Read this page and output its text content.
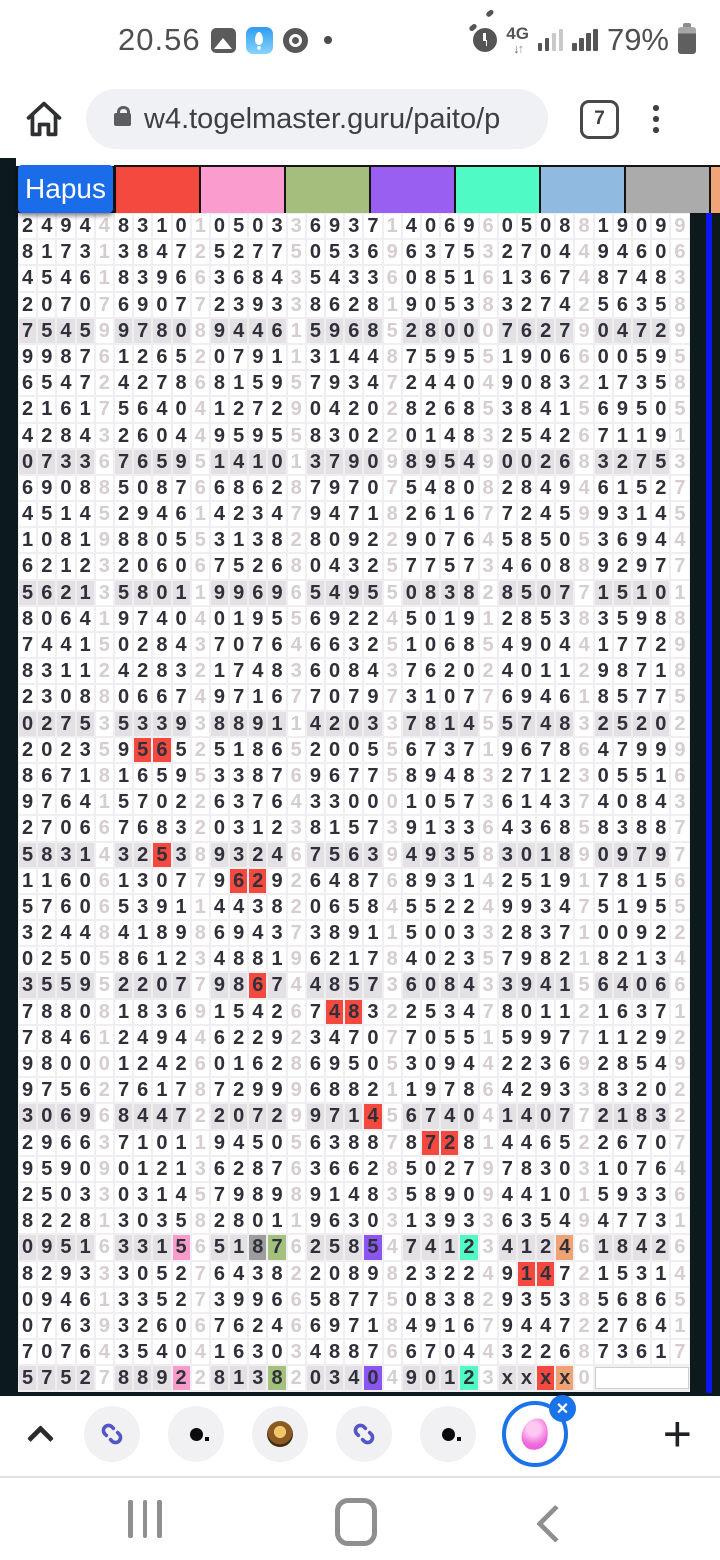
20.56	4G
↓↑	79%
w4.togelmaster.guru/paito/p	7
Hapus
2 4 9 4 4 8 3 1 0 1 0 5 0 3 3 6 9 3 7 1 4 0 6 9 6 0 5 0 8 8 1 9 0 9 9
8 1 7 3 1 3 8 4 7 2 5 2 7 7 5 0 5 3 6 9 6 3 7 5 3 2 7 0 4 4 9 4 6 0 6
4 5 4 6 1 8 3 9 6 6 3 6 8 4 3 5 4 3 3 6 0 8 5 1 6 1 3 6 7 4 8 7 4 8 3
2 0 7 0 7 6 9 0 7 7 2 3 9 3 3 8 6 2 8 1 9 0 5 3 8 3 2 7 4 2 5 6 3 5 8
7 5 4 5 9 9 7 8 0 8 9 4 4 6 1 5 9 6 8 5 2 8 0 0 0 7 6 2 7 9 0 4 7 2 9
9 9 8 7 6 1 2 6 5 2 0 7 9 1 1 3 1 4 4 8 7 5 9 5 5 1 9 0 6 6 0 0 5 9 5
6 5 4 7 2 4 2 7 8 6 8 1 5 9 5 7 9 3 4 7 2 4 4 0 4 9 0 8 3 2 1 7 3 5 8
2 1 6 1 7 5 6 4 0 4 1 2 7 2 9 0 4 2 0 2 8 2 6 8 5 3 8 4 1 5 6 9 5 0 5
4 2 8 4 3 2 6 0 4 4 9 5 9 5 5 8 3 0 2 2 0 1 4 8 3 2 5 4 2 6 7 1 1 9 1
0 7 3 3 6 7 6 5 9 5 1 4 1 0 1 3 7 9 0 9 8 9 5 4 9 0 0 2 6 8 3 2 7 5 3
6 9 0 8 8 5 0 8 7 6 6 8 6 2 8 7 9 7 0 7 5 4 8 0 8 2 8 4 9 4 6 1 5 2 7
4 5 1 4 5 2 9 4 6 1 4 2 3 4 7 9 4 7 1 8 2 6 1 6 7 7 2 4 5 9 9 3 1 4 5
1 0 8 1 9 8 8 0 5 5 3 1 3 8 2 8 0 9 2 2 9 0 7 6 4 5 8 5 0 5 3 6 9 4 4
6 2 1 2 3 2 0 6 0 6 7 5 2 6 8 0 4 3 2 5 7 7 5 7 3 4 6 0 8 8 9 2 9 7 7
5 6 2 1 3 5 8 0 1 1 9 9 6 9 6 5 4 9 5 5 0 8 3 8 2 8 5 0 7 7 1 5 1 0 1
8 0 6 4 1 9 7 4 0 4 0 1 9 5 5 6 9 2 2 4 5 0 1 9 1 2 8 5 3 8 3 5 9 8 8
7 4 4 1 5 0 2 8 4 3 7 0 7 6 4 6 6 3 2 5 1 0 6 8 5 4 9 0 4 4 1 7 7 2 9
8 3 1 1 2 4 2 8 3 2 1 7 4 8 3 6 0 8 4 3 7 6 2 0 2 4 0 1 1 2 9 8 7 1 8
2 3 0 8 8 0 6 6 7 4 9 7 1 6 7 7 0 7 9 7 3 1 0 7 7 6 9 4 6 1 8 5 7 7 5
0 2 7 5 3 5 3 3 9 3 8 8 9 1 1 4 2 0 3 3 7 8 1 4 5 5 7 4 8 3 2 5 2 0 2
2 0 2 3 5 9 5 6 5 2 5 1 8 6 5 2 0 0 5 5 6 7 3 7 1 9 6 7 8 6 4 7 9 9 9
8 6 7 1 8 1 6 5 9 5 3 3 8 7 6 9 6 7 7 5 8 9 4 8 3 2 7 1 2 3 0 5 5 1 6
9 7 6 4 1 5 7 0 2 2 6 3 7 6 4 3 3 0 0 0 1 0 5 7 3 6 1 4 3 7 4 0 8 4 3
2 7 0 6 6 7 6 8 3 2 0 3 1 2 3 8 1 5 7 3 9 1 3 3 6 4 3 6 8 5 8 3 8 8 7
5 8 3 1 4 3 2 5 3 8 9 3 2 4 6 7 5 6 3 9 4 9 3 5 8 3 0 1 8 9 0 9 7 9 7
1 1 6 0 6 1 3 0 7 7 9 6 2 9 2 6 4 8 7 6 8 9 3 1 4 2 5 1 9 1 7 8 1 5 6
5 7 6 0 6 5 3 9 1 1 4 4 3 8 2 0 6 5 8 4 5 5 2 2 4 9 9 3 4 7 5 1 9 5 5
3 2 4 4 8 4 1 8 9 8 6 9 4 3 7 3 8 9 1 1 5 0 0 3 3 2 8 3 7 1 0 0 9 2 2
0 2 5 0 5 8 6 1 2 3 4 8 8 1 9 6 2 1 7 8 4 0 2 3 5 7 9 8 2 1 8 2 1 3 4
3 5 5 9 5 2 2 0 7 7 9 8 6 7 4 4 8 5 7 3 6 0 8 4 3 3 9 4 1 5 6 4 0 6 6
7 8 8 0 8 1 8 3 6 9 1 5 4 2 6 7 4 8 3 2 2 5 3 4 7 8 0 1 1 2 1 6 3 7 1
7 8 4 6 1 2 4 9 4 4 6 2 2 9 2 3 4 7 0 7 7 0 5 5 1 5 9 9 7 7 1 1 2 9 2
9 8 0 0 0 1 2 4 2 6 0 1 6 2 8 6 9 5 0 5 3 0 9 4 4 2 2 3 6 9 2 8 5 4 9
9 7 5 6 2 7 6 1 7 8 7 2 9 9 9 6 8 8 2 1 1 9 7 8 6 4 2 9 3 3 8 3 2 0 2
3 0 6 9 6 8 4 4 7 2 2 0 7 2 9 9 7 1 4 5 6 7 4 0 4 1 4 0 7 7 2 1 8 3 2
2 9 6 6 3 7 1 0 1 1 9 4 5 0 5 6 3 8 8 7 8 7 2 8 1 4 4 6 5 2 2 6 7 0 7
9 5 9 0 9 0 1 2 1 3 6 2 8 7 6 3 6 6 2 8 5 0 2 7 9 7 8 3 0 3 1 0 7 6 4
2 5 0 3 3 0 3 1 4 5 7 9 8 9 8 9 1 4 8 3 5 8 9 0 9 4 4 1 0 1 5 9 3 3 6
8 2 2 8 1 3 0 3 5 8 2 8 0 1 1 9 6 3 0 3 1 3 9 3 3 6 3 5 4 9 4 7 7 3 1
0 9 5 1 6 3 3 1 5 6 5 1 8 7 6 2 5 8 5 4 7 4 1 2 3 4 1 2 4 6 1 8 4 2 6
8 2 9 3 3 3 0 5 2 7 6 4 3 8 2 2 0 8 9 8 2 3 2 2 4 9 1 4 7 2 1 5 3 1 4
0 9 4 6 1 3 3 5 2 7 3 9 9 6 6 5 8 7 7 5 0 8 3 8 2 9 3 5 3 8 5 6 8 6 5
0 7 6 3 9 3 2 6 0 6 7 6 2 4 6 6 9 7 1 8 4 9 1 6 7 9 4 4 7 2 2 7 6 4 1
7 0 7 6 4 3 5 4 0 4 1 6 3 0 3 4 8 8 7 6 6 7 0 4 4 3 2 2 6 8 7 3 6 1 7
5 7 5 2 7 8 8 9 2 2 8 1 3 8 2 0 3 4 0 4 9 0 1 2 3 x x x x 0
✕ +
